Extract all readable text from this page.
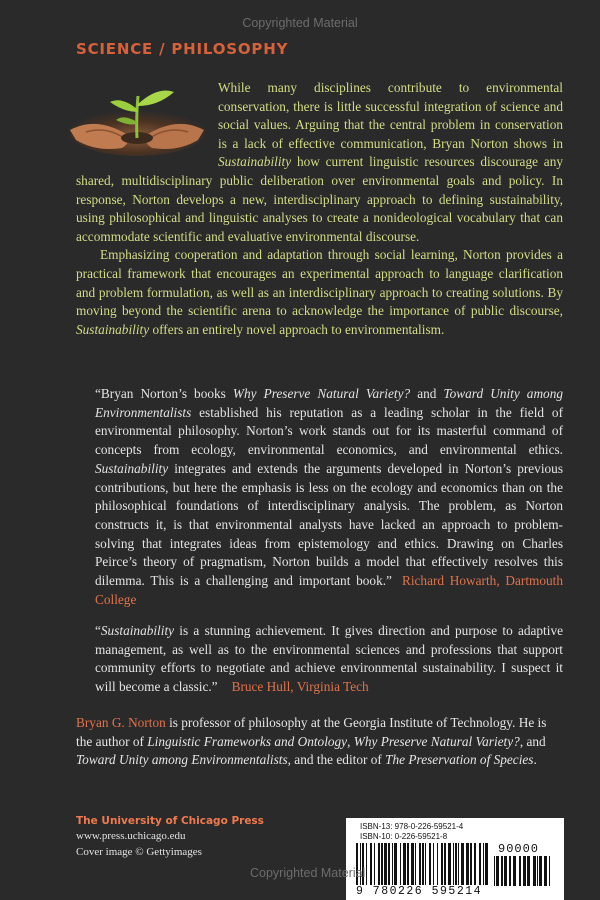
Copyrighted Material
SCIENCE / PHILOSOPHY

While many disciplines contribute to environmental conservation, there is little successful integration of science and social values. Arguing that the central problem in conservation is a lack of effective communication, Bryan Norton shows in Sustainability how current linguistic resources discourage any shared, multidisciplinary public deliberation over environmental goals and policy. In response, Norton develops a new, interdisciplinary approach to defining sustainability, using philosophical and linguistic analyses to create a nonideological vocabulary that can accommodate scientific and evaluative environmental discourse.

Emphasizing cooperation and adaptation through social learning, Norton provides a practical framework that encourages an experimental approach to language clarification and problem formulation, as well as an interdisciplinary approach to creating solutions. By moving beyond the scientific arena to acknowledge the importance of public discourse, Sustainability offers an entirely novel approach to environmentalism.

“Bryan Norton’s books Why Preserve Natural Variety? and Toward Unity among Environmentalists established his reputation as a leading scholar in the field of environmental philosophy. Norton’s work stands out for its masterful command of concepts from ecology, environmental economics, and environmental ethics. Sustainability integrates and extends the arguments developed in Norton’s previous contributions, but here the emphasis is less on the ecology and economics than on the philosophical foundations of interdisciplinary analysis. The problem, as Norton constructs it, is that environmental analysts have lacked an approach to problem-solving that integrates ideas from epistemology and ethics. Drawing on Charles Peirce’s theory of pragmatism, Norton builds a model that effectively resolves this dilemma. This is a challenging and important book.” Richard Howarth, Dartmouth College
“Sustainability is a stunning achievement. It gives direction and purpose to adaptive management, as well as to the environmental sciences and professions that support community efforts to negotiate and achieve environmental sustainability. I suspect it will become a classic.” Bruce Hull, Virginia Tech
Bryan G. Norton is professor of philosophy at the Georgia Institute of Technology. He is the author of Linguistic Frameworks and Ontology, Why Preserve Natural Variety?, and Toward Unity among Environmentalists, and the editor of The Preservation of Species.
The University of Chicago Press
www.press.uchicago.edu
Cover image © Gettyimages
ISBN-13: 978-0-226-59521-4
ISBN-10: 0-226-59521-8
90000
9 780226 595214
Copyrighted Material
